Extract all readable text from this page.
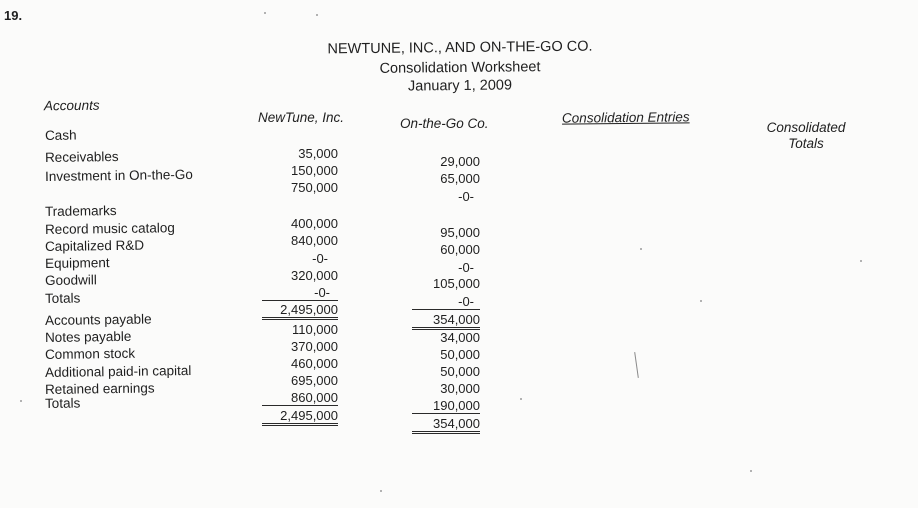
19.
NEWTUNE, INC., AND ON-THE-GO CO.
Consolidation Worksheet
January 1, 2009
Accounts
NewTune, Inc.	On-the-Go Co.	Consolidation Entries
Consolidated
Totals
Cash
Receivables
Investment in On-the-Go
Trademarks
Record music catalog
Capitalized R&D
Equipment
Goodwill
Totals
Accounts payable
Notes payable
Common stock
Additional paid-in capital
Retained earnings
Totals
35,000
150,000
750,000
400,000
840,000
-0-
320,000
-0-
2,495,000
110,000
370,000
460,000
695,000
860,000
2,495,000
29,000
65,000
-0-
95,000
60,000
-0-
105,000
-0-
354,000
34,000
50,000
50,000
30,000
190,000
354,000
